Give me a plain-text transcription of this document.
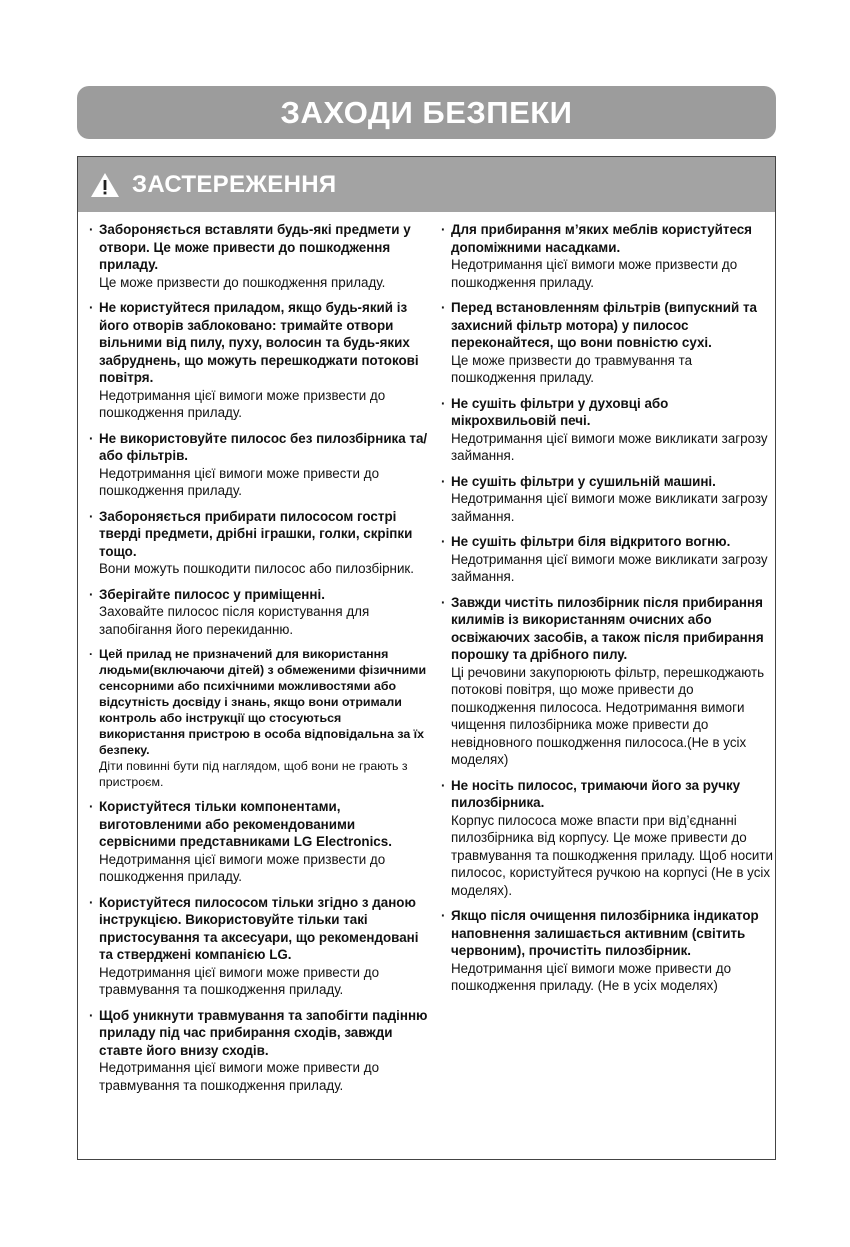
ЗАХОДИ БЕЗПЕКИ
ЗАСТЕРЕЖЕННЯ
· Забороняється вставляти будь-які предмети у отвори. Це може привести до пошкодження приладу.
Це може призвести до пошкодження приладу.
· Не користуйтеся приладом, якщо будь-який із його отворів заблоковано: тримайте отвори вільними від пилу, пуху, волосин та будь-яких забруднень, що можуть перешкоджати потокові повітря.
Недотримання цієї вимоги може призвести до пошкодження приладу.
· Не використовуйте пилосос без пилозбірника та/або фільтрів.
Недотримання цієї вимоги може привести до пошкодження приладу.
· Забороняється прибирати пилососом гострі тверді предмети, дрібні іграшки, голки, скріпки тощо.
Вони можуть пошкодити пилосос або пилозбірник.
· Зберігайте пилосос у приміщенні.
Заховайте пилосос після користування для запобігання його перекиданню.
· Цей прилад не призначений для використання людьми(включаючи дітей) з обмеженими фізичними сенсорними або психічними можливостями або відсутність досвіду і знань, якщо вони отримали контроль або інструкції що стосуються використання пристрою в особа відповідальна за їх безпеку.
Діти повинні бути під наглядом, щоб вони не грають з пристроєм.
· Користуйтеся тільки компонентами, виготовленими або рекомендованими сервісними представниками LG Electronics.
Недотримання цієї вимоги може призвести до пошкодження приладу.
· Користуйтеся пилососом тільки згідно з даною інструкцією. Використовуйте тільки такі пристосування та аксесуари, що рекомендовані та стверджені компанією LG.
Недотримання цієї вимоги може привести до травмування та пошкодження приладу.
· Щоб уникнути травмування та запобігти падінню приладу під час прибирання сходів, завжди ставте його внизу сходів.
Недотримання цієї вимоги може привести до травмування та пошкодження приладу.
· Для прибирання м’яких меблів користуйтеся допоміжними насадками.
Недотримання цієї вимоги може призвести до пошкодження приладу.
· Перед встановленням фільтрів (випускний та захисний фільтр мотора) у пилосос переконайтеся, що вони повністю сухі.
Це може призвести до травмування та пошкодження приладу.
· Не сушіть фільтри у духовці або мікрохвильовій печі.
Недотримання цієї вимоги може викликати загрозу займання.
· Не сушіть фільтри у сушильній машині.
Недотримання цієї вимоги може викликати загрозу займання.
· Не сушіть фільтри біля відкритого вогню.
Недотримання цієї вимоги може викликати загрозу займання.
· Завжди чистіть пилозбірник після прибирання килимів із використанням очисних або освіжаючих засобів, а також після прибирання порошку та дрібного пилу.
Ці речовини закупорюють фільтр, перешкоджають потокові повітря, що може привести до пошкодження пилососа. Недотримання вимоги чищення пилозбірника може привести до невідновного пошкодження пилососа.(Не в усіх моделях)
· Не носіть пилосос, тримаючи його за ручку пилозбірника.
Корпус пилососа може впасти при від’єднанні пилозбірника від корпусу. Це може привести до травмування та пошкодження приладу. Щоб носити пилосос, користуйтеся ручкою на корпусі (Не в усіх моделях).
· Якщо після очищення пилозбірника індикатор наповнення залишається активним (світить червоним), прочистіть пилозбірник.
Недотримання цієї вимоги може привести до пошкодження приладу. (Не в усіх моделях)
